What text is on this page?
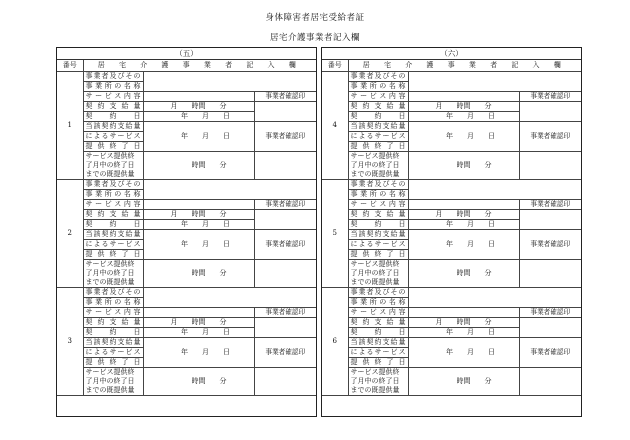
身体障害者居宅受給者証
居宅介護事業者記入欄
（五）
番号	居 宅 介 護 事 業 者 記 入 欄		
1	事業者及びその		
	事業所の名称		
	サービス内容		事業者確認印
	契 約 支 給 量	月　　 時間　　 分	
	契 約 日	　　年　　 月　　 日	
	当該契約支給量	　　年　　 月　　 日	事業者確認印
	によるサービス		
	提 供 終 了 日		
	サービス提供終
了月中の終了日
までの既提供量	　　　時間　　 分	
2	事業者及びその		
	事業所の名称		
	サービス内容		事業者確認印
	契 約 支 給 量	月　　 時間　　 分	
	契 約 日	　　年　　 月　　 日	
	当該契約支給量	　　年　　 月　　 日	事業者確認印
	によるサービス		
	提 供 終 了 日		
	サービス提供終
了月中の終了日
までの既提供量	　　　時間　　 分	
3	事業者及びその		
	事業所の名称		
	サービス内容		事業者確認印
	契 約 支 給 量	月　　 時間　　 分	
	契 約 日	　　年　　 月　　 日	
	当該契約支給量	　　年　　 月　　 日	事業者確認印
	によるサービス		
	提 供 終 了 日		
	サービス提供終
了月中の終了日
までの既提供量	　　　時間　　 分	
（六）
番号	居 宅 介 護 事 業 者 記 入 欄		
4	事業者及びその		
	事業所の名称		
	サービス内容		事業者確認印
	契 約 支 給 量	月　　 時間　　 分	
	契 約 日	　　年　　 月　　 日	
	当該契約支給量	　　年　　 月　　 日	事業者確認印
	によるサービス		
	提 供 終 了 日		
	サービス提供終
了月中の終了日
までの既提供量	　　　時間　　 分	
5	事業者及びその		
	事業所の名称		
	サービス内容		事業者確認印
	契 約 支 給 量	月　　 時間　　 分	
	契 約 日	　　年　　 月　　 日	
	当該契約支給量	　　年　　 月　　 日	事業者確認印
	によるサービス		
	提 供 終 了 日		
	サービス提供終
了月中の終了日
までの既提供量	　　　時間　　 分	
6	事業者及びその		
	事業所の名称		
	サービス内容		事業者確認印
	契 約 支 給 量	月　　 時間　　 分	
	契 約 日	　　年　　 月　　 日	
	当該契約支給量	　　年　　 月　　 日	事業者確認印
	によるサービス		
	提 供 終 了 日		
	サービス提供終
了月中の終了日
までの既提供量	　　　時間　　 分	
